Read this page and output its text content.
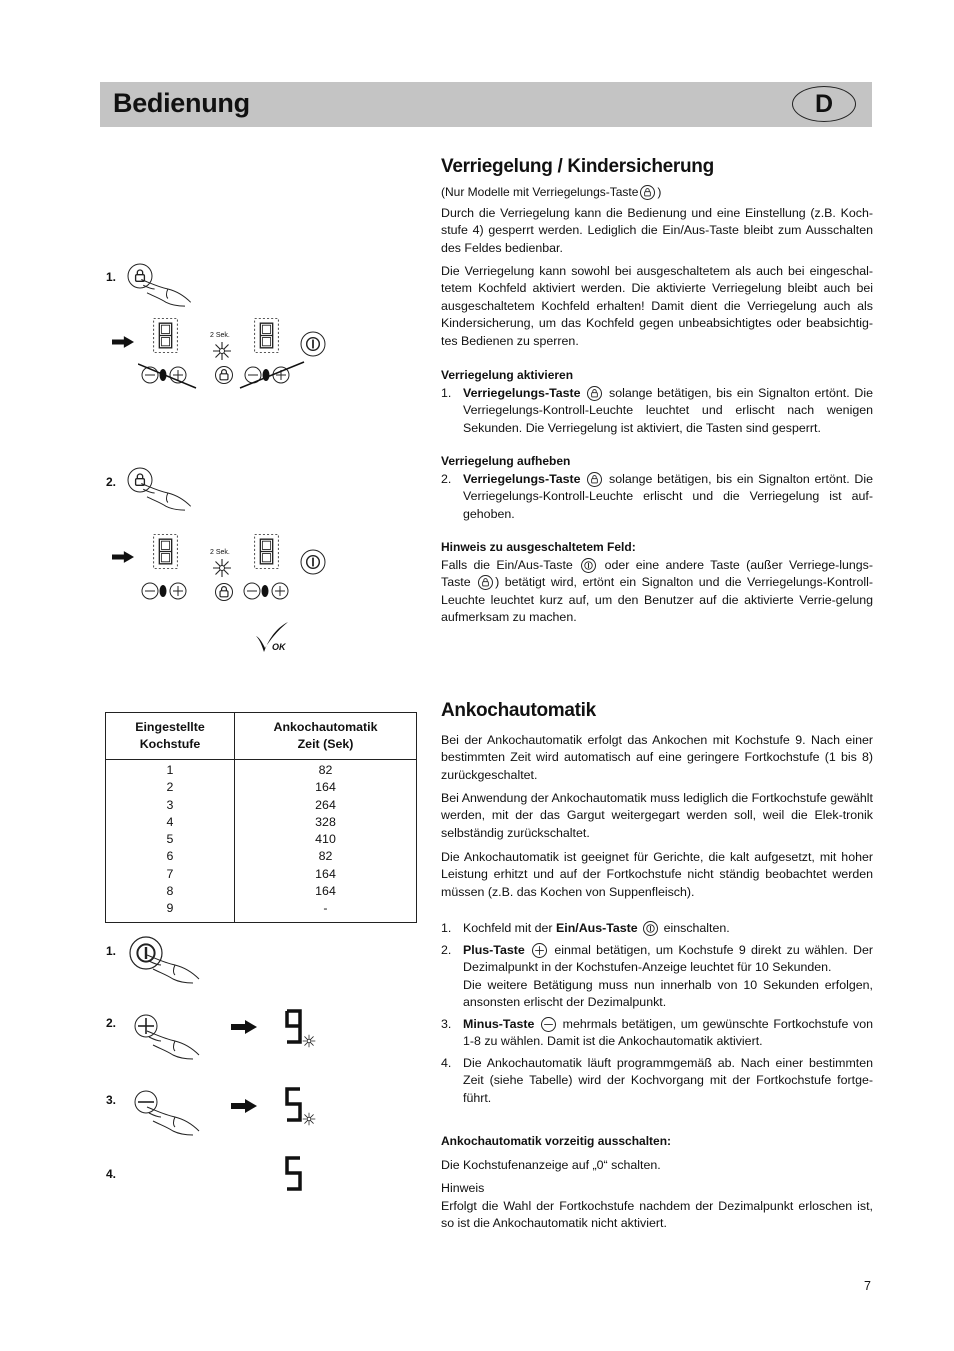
Bedienung	D
1.
2 Sek.
2.
2 Sek.
OK
Verriegelung / Kindersicherung
(Nur Modelle mit Verriegelungs-Taste )
Durch die Verriegelung kann die Bedienung und eine Einstellung (z.B. Koch-stufe 4) gesperrt werden. Lediglich die Ein/Aus-Taste bleibt zum Ausschalten des Feldes bedienbar.
Die Verriegelung kann sowohl bei ausgeschaltetem als auch bei eingeschal-tetem Kochfeld aktiviert werden. Die aktivierte Verriegelung bleibt auch bei ausgeschaltetem Kochfeld erhalten! Damit dient die Verriegelung auch als Kindersicherung, um das Kochfeld gegen unbeabsichtigtes oder beabsichtig-tes Bedienen zu sperren.
Verriegelung aktivieren
1. Verriegelungs-Taste solange betätigen, bis ein Signalton ertönt. Die Verriegelungs-Kontroll-Leuchte leuchtet und erlischt nach wenigen Sekunden. Die Verriegelung ist aktiviert, die Tasten sind gesperrt.
Verriegelung aufheben
2. Verriegelungs-Taste solange betätigen, bis ein Signalton ertönt. Die Verriegelungs-Kontroll-Leuchte erlischt und die Verriegelung ist auf-gehoben.
Hinweis zu ausgeschaltetem Feld:
Falls die Ein/Aus-Taste	oder eine andere Taste (außer Verriege-lungs-Taste ) betätigt wird, ertönt ein Signalton und die Verriegelungs-Kontroll-Leuchte leuchtet kurz auf, um den Benutzer auf die aktivierte Verrie-gelung aufmerksam zu machen.
Eingestellte
Kochstufe	Ankochautomatik
Zeit (Sek)
1	82
2	164
3	264
4	328
5	410
6	82
7	164
8	164
9	-
1.
2.
3.
4.
Ankochautomatik
Bei der Ankochautomatik erfolgt das Ankochen mit Kochstufe 9. Nach einer bestimmten Zeit wird automatisch auf eine geringere Fortkochstufe (1 bis 8) zurückgeschaltet.
Bei Anwendung der Ankochautomatik muss lediglich die Fortkochstufe gewählt werden, mit der das Gargut weitergegart werden soll, weil die Elek-tronik selbständig zurückschaltet.
Die Ankochautomatik ist geeignet für Gerichte, die kalt aufgesetzt, mit hoher Leistung erhitzt und auf der Fortkochstufe nicht ständig beobachtet werden müssen (z.B. das Kochen von Suppenfleisch).
1. Kochfeld mit der Ein/Aus-Taste einschalten.
2. Plus-Taste einmal betätigen, um Kochstufe 9 direkt zu wählen. Der Dezimalpunkt in der Kochstufen-Anzeige leuchtet für 10 Sekunden.
Die weitere Betätigung muss nun innerhalb von 10 Sekunden erfolgen, ansonsten erlischt der Dezimalpunkt.
3. Minus-Taste mehrmals betätigen, um gewünschte Fortkochstufe von 1-8 zu wählen. Damit ist die Ankochautomatik aktiviert.
4. Die Ankochautomatik läuft programmgemäß ab. Nach einer bestimmten Zeit (siehe Tabelle) wird der Kochvorgang mit der Fortkochstufe fortge-führt.
Ankochautomatik vorzeitig ausschalten:
Die Kochstufenanzeige auf „0“ schalten.
Hinweis
Erfolgt die Wahl der Fortkochstufe nachdem der Dezimalpunkt erloschen ist, so ist die Ankochautomatik nicht aktiviert.
7
